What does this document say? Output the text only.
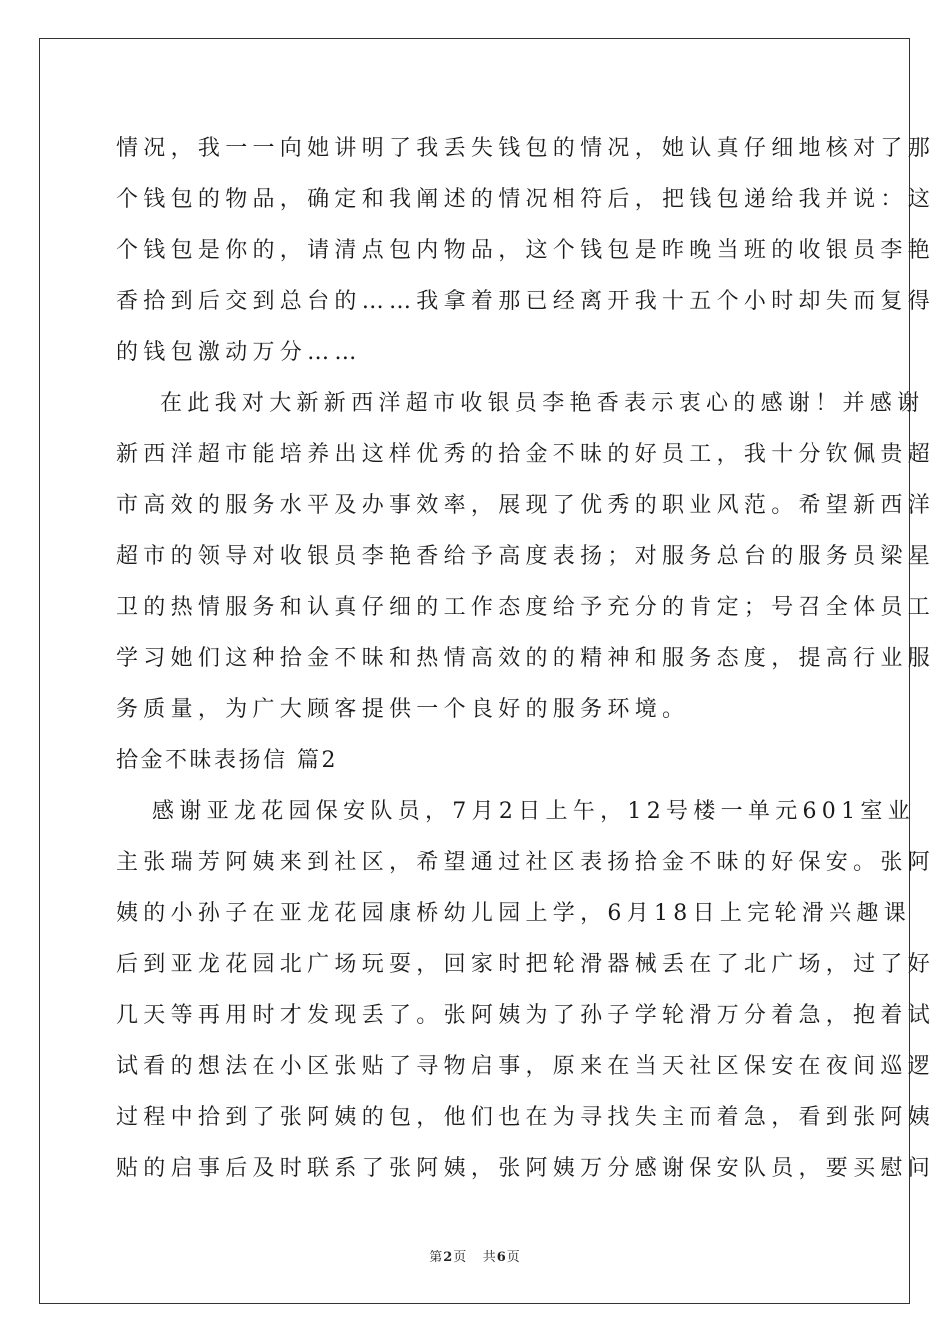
情况，我一一向她讲明了我丢失钱包的情况，她认真仔细地核对了那
个钱包的物品，确定和我阐述的情况相符后，把钱包递给我并说：这
个钱包是你的，请清点包内物品，这个钱包是昨晚当班的收银员李艳
香拾到后交到总台的……我拿着那已经离开我十五个小时却失而复得
的钱包激动万分……
在此我对大新新西洋超市收银员李艳香表示衷心的感谢！并感谢
新西洋超市能培养出这样优秀的拾金不昧的好员工，我十分钦佩贵超
市高效的服务水平及办事效率，展现了优秀的职业风范。希望新西洋
超市的领导对收银员李艳香给予高度表扬；对服务总台的服务员梁星
卫的热情服务和认真仔细的工作态度给予充分的肯定；号召全体员工
学习她们这种拾金不昧和热情高效的的精神和服务态度，提高行业服
务质量，为广大顾客提供一个良好的服务环境。
拾金不昧表扬信 篇2
感谢亚龙花园保安队员，7月2日上午，12号楼一单元601室业
主张瑞芳阿姨来到社区，希望通过社区表扬拾金不昧的好保安。张阿
姨的小孙子在亚龙花园康桥幼儿园上学，6月18日上完轮滑兴趣课
后到亚龙花园北广场玩耍，回家时把轮滑器械丢在了北广场，过了好
几天等再用时才发现丢了。张阿姨为了孙子学轮滑万分着急，抱着试
试看的想法在小区张贴了寻物启事，原来在当天社区保安在夜间巡逻
过程中拾到了张阿姨的包，他们也在为寻找失主而着急，看到张阿姨
贴的启事后及时联系了张阿姨，张阿姨万分感谢保安队员，要买慰问
第2页 共6页
